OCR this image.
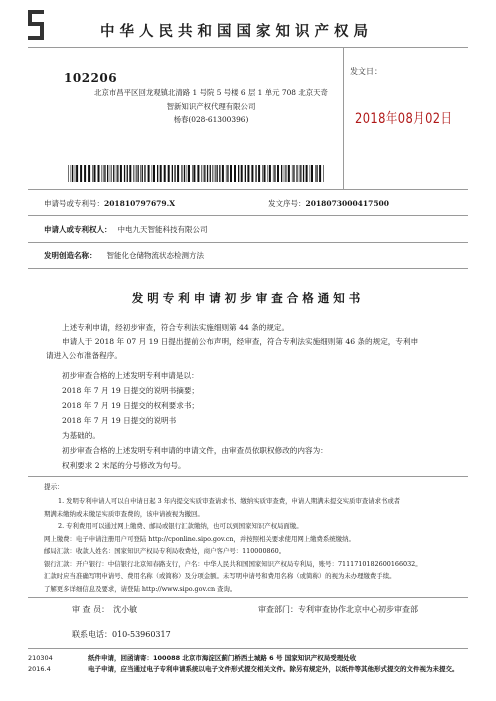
中华人民共和国国家知识产权局
102206
北京市昌平区回龙观镇北清路 1 号院 5 号楼 6 层 1 单元 708 北京天奇
智新知识产权代理有限公司
杨春(028-61300396)
发文日：
2018年08月02日
申请号或专利号：201810797679.X	发文序号：2018073000417500
申请人或专利权人： 中电九天智能科技有限公司
发明创造名称： 智能化仓储物流状态检测方法
发明专利申请初步审查合格通知书
上述专利申请，经初步审查，符合专利法实施细则第 44 条的规定。
申请人于 2018 年 07 月 19 日提出提前公布声明，经审查，符合专利法实施细则第 46 条的规定，专利申
请进入公布准备程序。
初步审查合格的上述发明专利申请是以：
2018 年 7 月 19 日提交的说明书摘要；
2018 年 7 月 19 日提交的权利要求书；
2018 年 7 月 19 日提交的说明书
为基础的。
初步审查合格的上述发明专利申请的申请文件，由审查员依职权修改的内容为：
权利要求 2 末尾的分号修改为句号。
提示：
1. 发明专利申请人可以自申请日起 3 年内提交实质审查请求书、缴纳实质审查费，申请人期满未提交实质审查请求书或者
期满未缴纳或未缴足实质审查费的，该申请被视为撤回。
2. 专利费用可以通过网上缴费、邮局或银行汇款缴纳，也可以到国家知识产权局面缴。
网上缴费：电子申请注册用户可登陆 http://cponline.sipo.gov.cn，并按照相关要求使用网上缴费系统缴纳。
邮局汇款：收款人姓名：国家知识产权局专利局收费处，商户客户号：110000860。
银行汇款：开户银行：中信银行北京知春路支行，户名：中华人民共和国国家知识产权局专利局，账号：7111710182600166032。
汇款时应当准确写明申请号、费用名称（或简称）及分项金额。未写明申请号和费用名称（或简称）的视为未办理缴费手续。
了解更多详细信息及要求，请登陆 http://www.sipo.gov.cn 查询。
审 查 员： 沈小敏	审查部门：专利审查协作北京中心初步审查部
联系电话：010-53960317
210304	纸件申请，回函请寄：100088 北京市海淀区蓟门桥西土城路 6 号 国家知识产权局受理处收
2016.4	电子申请，应当通过电子专利申请系统以电子文件形式提交相关文件。除另有规定外，以纸件等其他形式提交的文件视为未提交。
